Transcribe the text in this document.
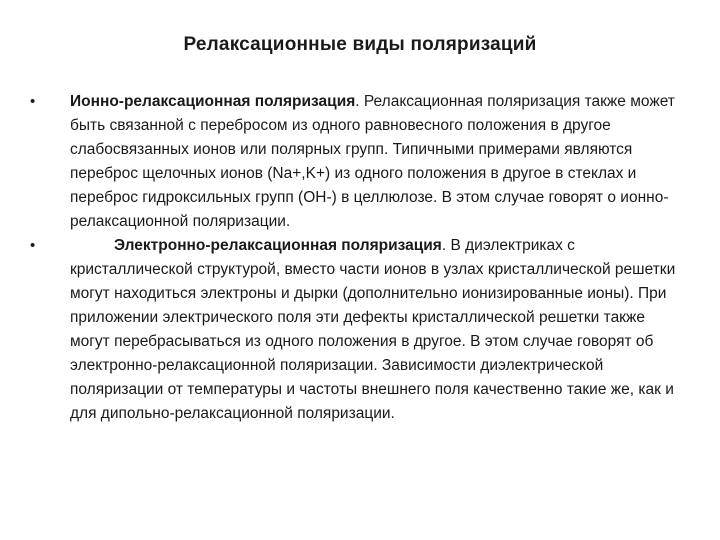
Релаксационные виды поляризаций
• Ионно-релаксационная поляризация. Релаксационная поляризация также может быть связанной с перебросом из одного равновесного положения в другое слабосвязанных ионов или полярных групп. Типичными примерами являются переброс щелочных ионов (Na+,K+) из одного положения в другое в стеклах и переброс гидроксильных групп (OH-) в целлюлозе. В этом случае говорят о ионно-релаксационной поляризации.
•	Электронно-релаксационная поляризация. В диэлектриках с кристаллической структурой, вместо части ионов в узлах кристаллической решетки могут находиться электроны и дырки (дополнительно ионизированные ионы). При приложении электрического поля эти дефекты кристаллической решетки также могут перебрасываться из одного положения в другое. В этом случае говорят об электронно-релаксационной поляризации. Зависимости диэлектрической поляризации от температуры и частоты внешнего поля качественно такие же, как и для дипольно-релаксационной поляризации.
